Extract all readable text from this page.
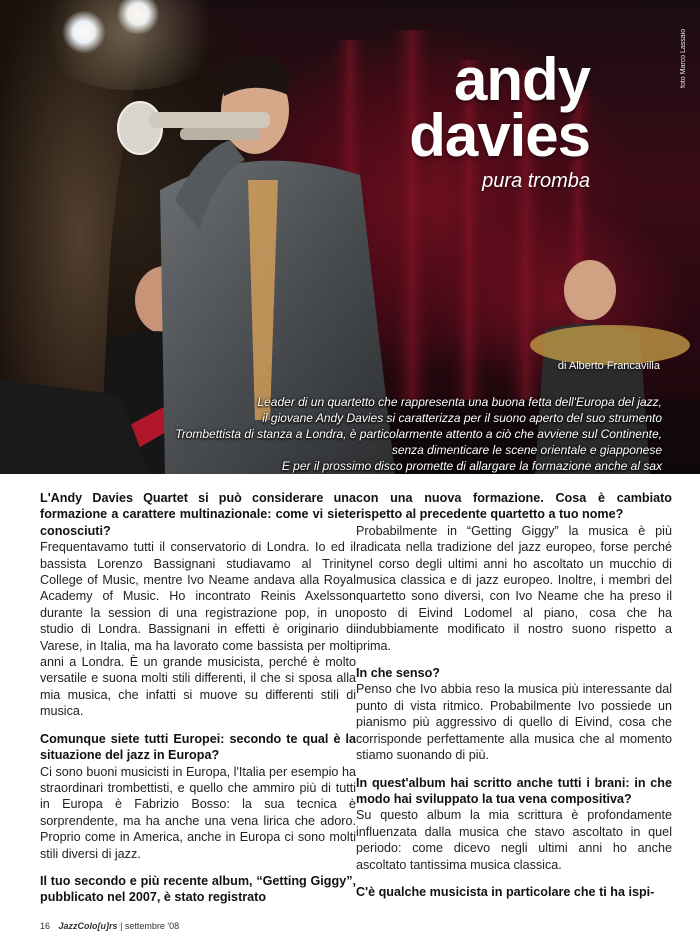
foto Marco Lassaio
andy
davies
pura tromba
di Alberto Francavilla
Leader di un quartetto che rappresenta una buona fetta dell'Europa del jazz,
il giovane Andy Davies si caratterizza per il suono aperto del suo strumento
Trombettista di stanza a Londra, è particolarmente attento a ciò che avviene sul Continente,
senza dimenticare le scene orientale e giapponese
E per il prossimo disco promette di allargare la formazione anche al sax

L'Andy Davies Quartet si può considerare una formazione a carattere multinazionale: come vi siete conosciuti?

Frequentavamo tutti il conservatorio di Londra. Io ed il bassista Lorenzo Bassignani studiavamo al Trinity College of Music, mentre Ivo Neame andava alla Royal Academy of Music. Ho incontrato Reinis Axelsson durante la session di una registrazione pop, in uno studio di Londra. Bassignani in effetti è originario di Varese, in Italia, ma ha lavorato come bassista per molti anni a Londra. È un grande musicista, perché è molto versatile e suona molti stili differenti, il che si sposa alla mia musica, che infatti si muove su differenti stili di musica.

Comunque siete tutti Europei: secondo te qual è la situazione del jazz in Europa?

Ci sono buoni musicisti in Europa, l'Italia per esempio ha straordinari trombettisti, e quello che ammiro più di tutti in Europa è Fabrizio Bosso: la sua tecnica è sorprendente, ma ha anche una vena lirica che adoro. Proprio come in America, anche in Europa ci sono molti stili diversi di jazz.

Il tuo secondo e più recente album, “Getting Giggy”, pubblicato nel 2007, è stato registrato

con una nuova formazione. Cosa è cambiato rispetto al precedente quartetto a tuo nome?

Probabilmente in “Getting Giggy” la musica è più radicata nella tradizione del jazz europeo, forse perché nel corso degli ultimi anni ho ascoltato un mucchio di musica classica e di jazz europeo. Inoltre, i membri del quartetto sono diversi, con Ivo Neame che ha preso il posto di Eivind Lodomel al piano, cosa che ha indubbiamente modificato il nostro suono rispetto a prima.

In che senso?

Penso che Ivo abbia reso la musica più interessante dal punto di vista ritmico. Probabilmente Ivo possiede un pianismo più aggressivo di quello di Eivind, cosa che corrisponde perfettamente alla musica che al momento stiamo suonando di più.

In quest'album hai scritto anche tutti i brani: in che modo hai sviluppato la tua vena compositiva?

Su questo album la mia scrittura è profondamente influenzata dalla musica che stavo ascoltato in quel periodo: come dicevo negli ultimi anni ho anche ascoltato tantissima musica classica.

C'è qualche musicista in particolare che ti ha ispi-

16 JazzColo[u]rs | settembre '08
